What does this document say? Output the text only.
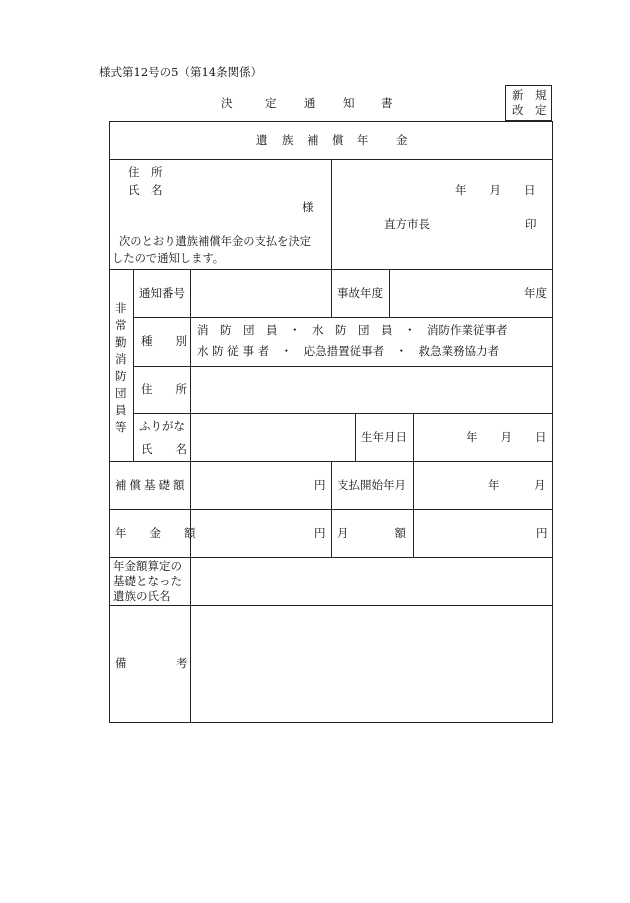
様式第12号の5（第14条関係）
決	定 通 知 書
新　規
改　定
遺 族 補 償 年 金
住　所
氏　名
様
次のとおり遺族補償年金の支払を決定
したので通知します。
年　　月　　日
直方市長	印
非
常
勤
消
防
団
員
等
通知番号	事故年度	年度
種　　別
消　防　団　員　・　水　防　団　員　・　消防作業従事者
水 防 従 事 者　・　応急措置従事者　・　救急業務協力者
住　　所
ふりがな
氏　　名
生年月日	年　　月　　日
補償基礎額	円 支払開始年月	年　　　月
年　　金　　額	円 月　　　　額	円
年金額算定の
基礎となった
遺族の氏名
備	考
